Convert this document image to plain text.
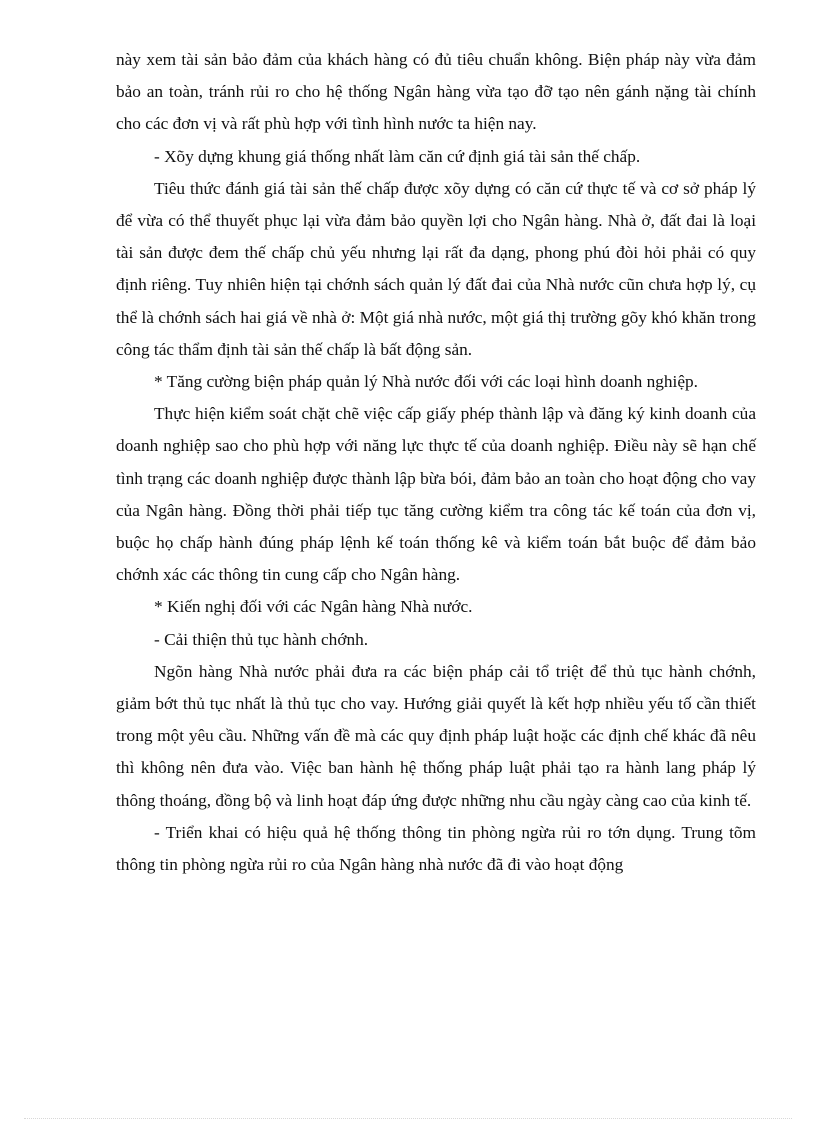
này xem tài sản bảo đảm của khách hàng có đủ tiêu chuẩn không. Biện pháp này vừa đảm bảo an toàn, tránh rủi ro cho hệ thống Ngân hàng vừa tạo đỡ tạo nên gánh nặng tài chính cho các đơn vị và rất phù hợp với tình hình nước ta hiện nay.

- Xõy dựng khung giá thống nhất làm căn cứ định giá tài sản thế chấp.

Tiêu thức đánh giá tài sản thế chấp được xõy dựng có căn cứ thực tế và cơ sở pháp lý để vừa có thể thuyết phục lại vừa đảm bảo quyền lợi cho Ngân hàng. Nhà ở, đất đai là loại tài sản được đem thế chấp chủ yếu nhưng lại rất đa dạng, phong phú đòi hỏi phải có quy định riêng. Tuy nhiên hiện tại chớnh sách quản lý đất đai của Nhà nước cũn chưa hợp lý, cụ thể là chớnh sách hai giá về nhà ở: Một giá nhà nước, một giá thị trường gõy khó khăn trong công tác thẩm định tài sản thế chấp là bất động sản.

* Tăng cường biện pháp quản lý Nhà nước đối với các loại hình doanh nghiệp.

Thực hiện kiểm soát chặt chẽ việc cấp giấy phép thành lập và đăng ký kinh doanh của doanh nghiệp sao cho phù hợp với năng lực thực tế của doanh nghiệp. Điều này sẽ hạn chế tình trạng các doanh nghiệp được thành lập bừa bói, đảm bảo an toàn cho hoạt động cho vay của Ngân hàng. Đồng thời phải tiếp tục tăng cường kiểm tra công tác kế toán của đơn vị, buộc họ chấp hành đúng pháp lệnh kế toán thống kê và kiểm toán bắt buộc để đảm bảo chớnh xác các thông tin cung cấp cho Ngân hàng.

* Kiến nghị đối với các Ngân hàng Nhà nước.

- Cải thiện thủ tục hành chớnh.

Ngõn hàng Nhà nước phải đưa ra các biện pháp cải tổ triệt để thủ tục hành chớnh, giảm bớt thủ tục nhất là thủ tục cho vay. Hướng giải quyết là kết hợp nhiều yếu tố cần thiết trong một yêu cầu. Những vấn đề mà các quy định pháp luật hoặc các định chế khác đã nêu thì không nên đưa vào. Việc ban hành hệ thống pháp luật phải tạo ra hành lang pháp lý thông thoáng, đồng bộ và linh hoạt đáp ứng được những nhu cầu ngày càng cao của kinh tế.

- Triển khai có hiệu quả hệ thống thông tin phòng ngừa rủi ro tớn dụng. Trung tõm thông tin phòng ngừa rủi ro của Ngân hàng nhà nước đã đi vào hoạt động
